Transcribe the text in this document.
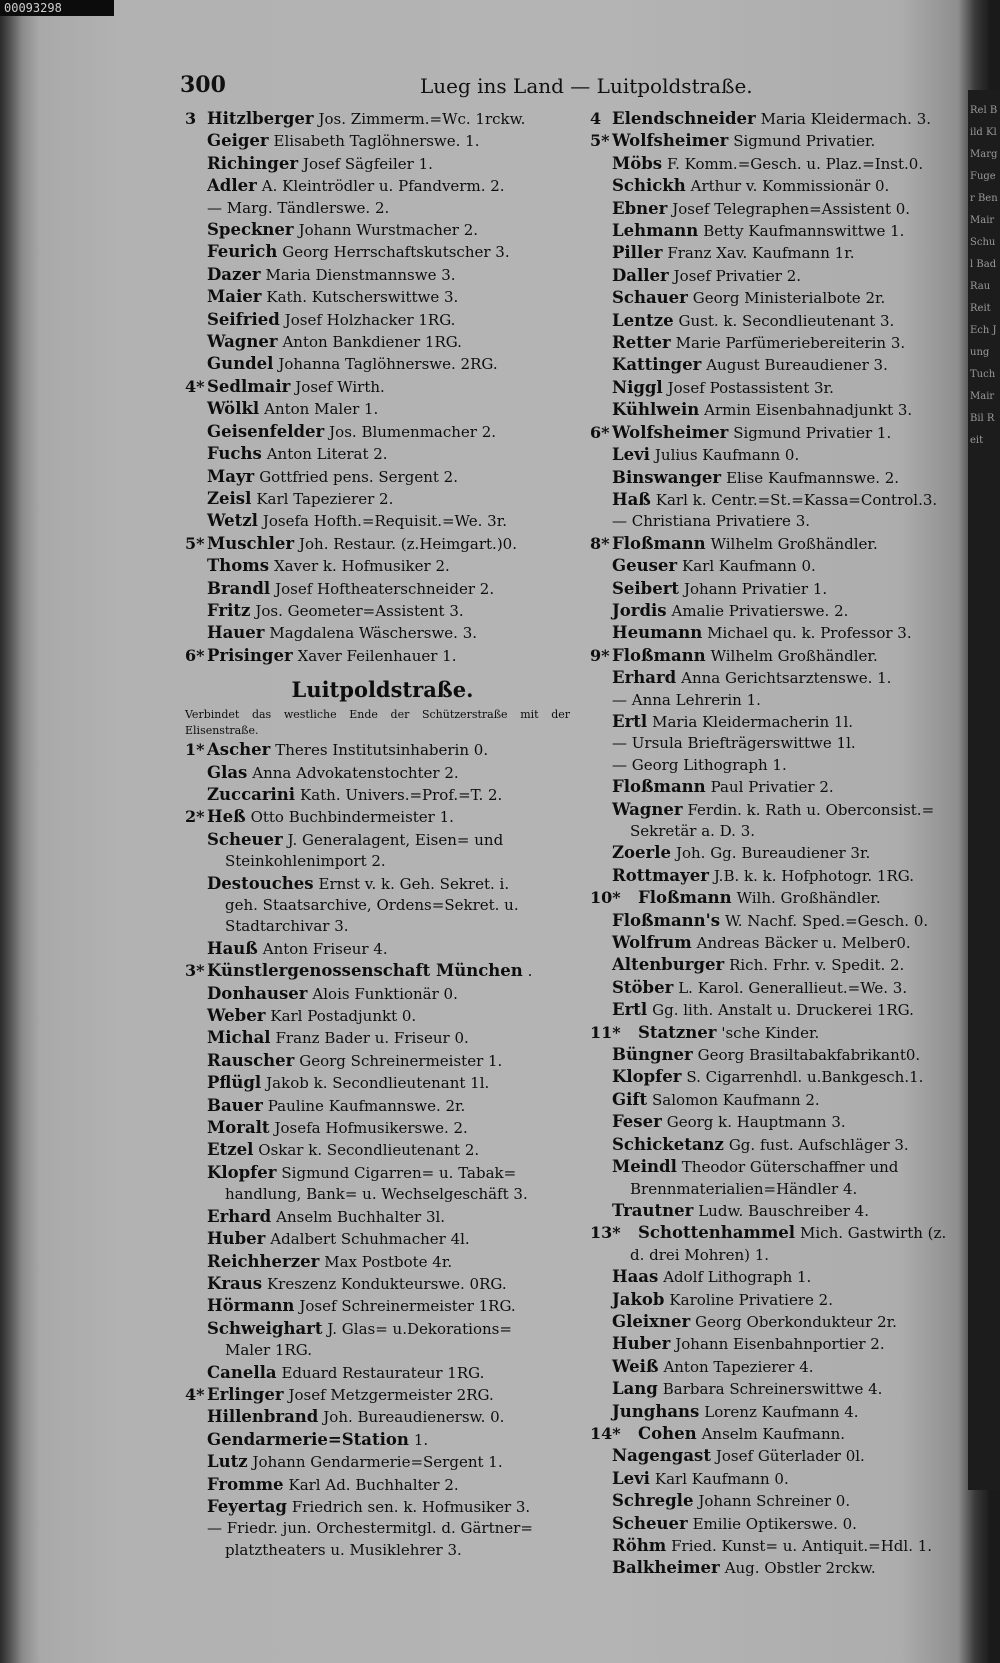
00093298
300	Lueg ins Land — Luitpoldstraße.
3 Hitzlberger Jos. Zimmerm.=Wc. 1rckw.
Geiger Elisabeth Taglöhnerswe. 1.
Richinger Josef Sägfeiler 1.
Adler A. Kleintrödler u. Pfandverm. 2.
— Marg. Tändlerswe. 2.
Speckner Johann Wurstmacher 2.
Feurich Georg Herrschaftskutscher 3.
Dazer Maria Dienstmannswe 3.
Maier Kath. Kutscherswittwe 3.
Seifried Josef Holzhacker 1RG.
Wagner Anton Bankdiener 1RG.
Gundel Johanna Taglöhnerswe. 2RG.
4* Sedlmair Josef Wirth.
Wölkl Anton Maler 1.
Geisenfelder Jos. Blumenmacher 2.
Fuchs Anton Literat 2.
Mayr Gottfried pens. Sergent 2.
Zeisl Karl Tapezierer 2.
Wetzl Josefa Hofth.=Requisit.=We. 3r.
5* Muschler Joh. Restaur. (z.Heimgart.)0.
Thoms Xaver k. Hofmusiker 2.
Brandl Josef Hoftheaterschneider 2.
Fritz Jos. Geometer=Assistent 3.
Hauer Magdalena Wäscherswe. 3.
6* Prisinger Xaver Feilenhauer 1.
Luitpoldstraße.
Verbindet das westliche Ende der Schützerstraße mit der Elisenstraße.
1* Ascher Theres Institutsinhaberin 0.
Glas Anna Advokatenstochter 2.
Zuccarini Kath. Univers.=Prof.=T. 2.
2* Heß Otto Buchbindermeister 1.
Scheuer J. Generalagent, Eisen= und
Steinkohlenimport 2.
Destouches Ernst v. k. Geh. Sekret. i.
geh. Staatsarchive, Ordens=Sekret. u.
Stadtarchivar 3.
Hauß Anton Friseur 4.
3* Künstlergenossenschaft München .
Donhauser Alois Funktionär 0.
Weber Karl Postadjunkt 0.
Michal Franz Bader u. Friseur 0.
Rauscher Georg Schreinermeister 1.
Pflügl Jakob k. Secondlieutenant 1l.
Bauer Pauline Kaufmannswe. 2r.
Moralt Josefa Hofmusikerswe. 2.
Etzel Oskar k. Secondlieutenant 2.
Klopfer Sigmund Cigarren= u. Tabak=
handlung, Bank= u. Wechselgeschäft 3.
Erhard Anselm Buchhalter 3l.
Huber Adalbert Schuhmacher 4l.
Reichherzer Max Postbote 4r.
Kraus Kreszenz Kondukteurswe. 0RG.
Hörmann Josef Schreinermeister 1RG.
Schweighart J. Glas= u.Dekorations=
Maler 1RG.
Canella Eduard Restaurateur 1RG.
4* Erlinger Josef Metzgermeister 2RG.
Hillenbrand Joh. Bureaudienersw. 0.
Gendarmerie=Station 1.
Lutz Johann Gendarmerie=Sergent 1.
Fromme Karl Ad. Buchhalter 2.
Feyertag Friedrich sen. k. Hofmusiker 3.
— Friedr. jun. Orchestermitgl. d. Gärtner=
platztheaters u. Musiklehrer 3.
4 Elendschneider Maria Kleidermach. 3.
5* Wolfsheimer Sigmund Privatier.
Möbs F. Komm.=Gesch. u. Plaz.=Inst.0.
Schickh Arthur v. Kommissionär 0.
Ebner Josef Telegraphen=Assistent 0.
Lehmann Betty Kaufmannswittwe 1.
Piller Franz Xav. Kaufmann 1r.
Daller Josef Privatier 2.
Schauer Georg Ministerialbote 2r.
Lentze Gust. k. Secondlieutenant 3.
Retter Marie Parfümeriebereiterin 3.
Kattinger August Bureaudiener 3.
Niggl Josef Postassistent 3r.
Kühlwein Armin Eisenbahnadjunkt 3.
6* Wolfsheimer Sigmund Privatier 1.
Levi Julius Kaufmann 0.
Binswanger Elise Kaufmannswe. 2.
Haß Karl k. Centr.=St.=Kassa=Control.3.
— Christiana Privatiere 3.
8* Floßmann Wilhelm Großhändler.
Geuser Karl Kaufmann 0.
Seibert Johann Privatier 1.
Jordis Amalie Privatierswe. 2.
Heumann Michael qu. k. Professor 3.
9* Floßmann Wilhelm Großhändler.
Erhard Anna Gerichtsarztenswe. 1.
— Anna Lehrerin 1.
Ertl Maria Kleidermacherin 1l.
— Ursula Briefträgerswittwe 1l.
— Georg Lithograph 1.
Floßmann Paul Privatier 2.
Wagner Ferdin. k. Rath u. Oberconsist.=
Sekretär a. D. 3.
Zoerle Joh. Gg. Bureaudiener 3r.
Rottmayer J.B. k. k. Hofphotogr. 1RG.
10* Floßmann Wilh. Großhändler.
Floßmann's W. Nachf. Sped.=Gesch. 0.
Wolfrum Andreas Bäcker u. Melber0.
Altenburger Rich. Frhr. v. Spedit. 2.
Stöber L. Karol. Generallieut.=We. 3.
Ertl Gg. lith. Anstalt u. Druckerei 1RG.
11* Statzner 'sche Kinder.
Büngner Georg Brasiltabakfabrikant0.
Klopfer S. Cigarrenhdl. u.Bankgesch.1.
Gift Salomon Kaufmann 2.
Feser Georg k. Hauptmann 3.
Schicketanz Gg. fust. Aufschläger 3.
Meindl Theodor Güterschaffner und
Brennmaterialien=Händler 4.
Trautner Ludw. Bauschreiber 4.
13* Schottenhammel Mich. Gastwirth (z.
d. drei Mohren) 1.
Haas Adolf Lithograph 1.
Jakob Karoline Privatiere 2.
Gleixner Georg Oberkondukteur 2r.
Huber Johann Eisenbahnportier 2.
Weiß Anton Tapezierer 4.
Lang Barbara Schreinerswittwe 4.
Junghans Lorenz Kaufmann 4.
14* Cohen Anselm Kaufmann.
Nagengast Josef Güterlader 0l.
Levi Karl Kaufmann 0.
Schregle Johann Schreiner 0.
Scheuer Emilie Optikerswe. 0.
Röhm Fried. Kunst= u. Antiquit.=Hdl. 1.
Balkheimer Aug. Obstler 2rckw.
Rel Bild Kl Marg Fuger Ben Mair Schul Bad Rau Reit Ech Jung Tuch Mair Bil Reit
